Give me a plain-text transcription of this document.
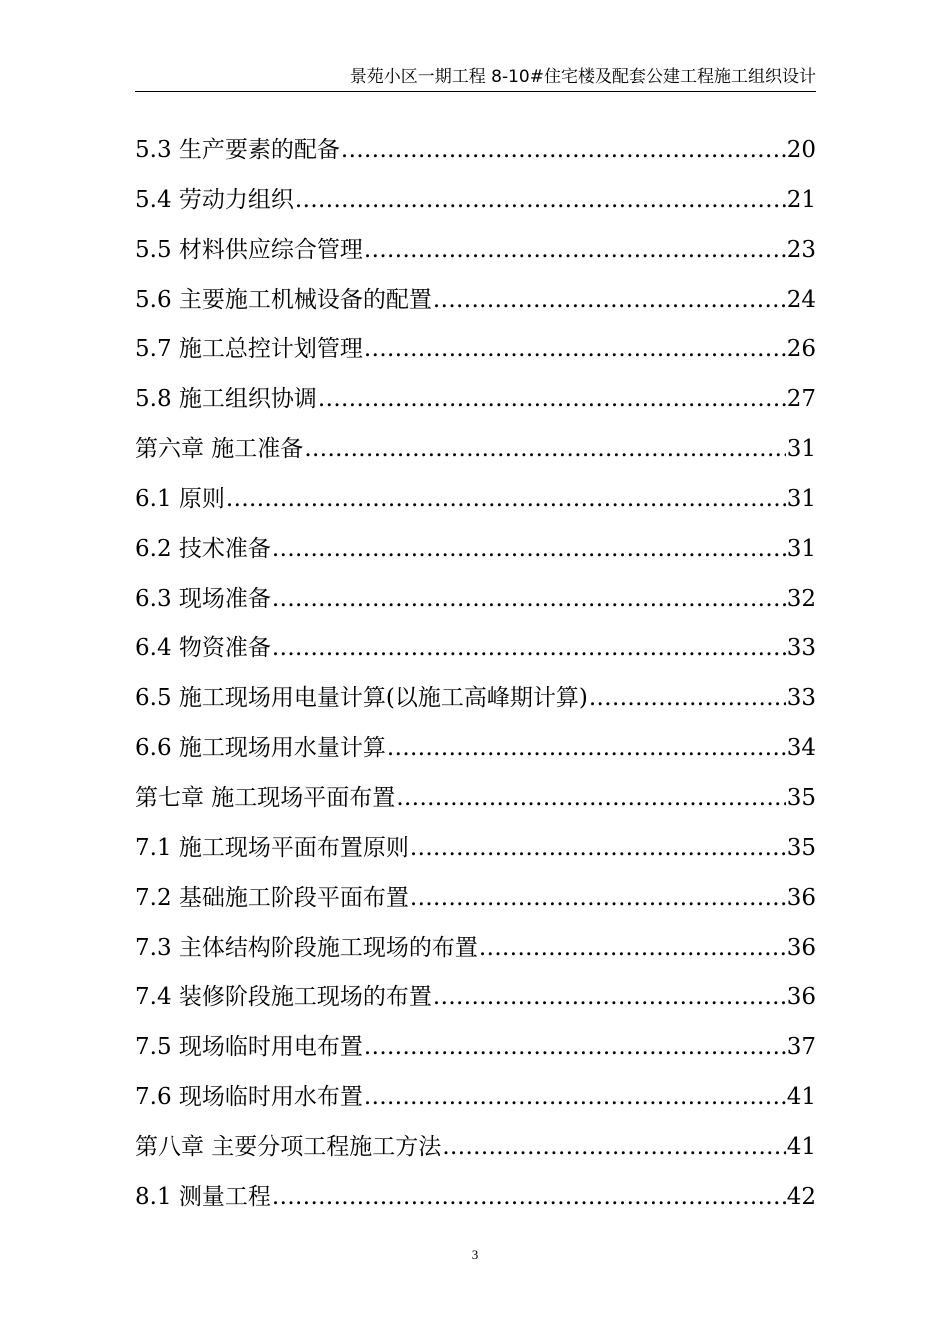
景苑小区一期工程 8-10#住宅楼及配套公建工程施工组织设计
5.3 生产要素的配备 .....	20
5.4 劳动力组织 .....	21
5.5 材料供应综合管理 .....	23
5.6 主要施工机械设备的配置 .....	24
5.7 施工总控计划管理 .....	26
5.8 施工组织协调 .....	27
第六章 施工准备 .....	31
6.1 原则 .....	31
6.2 技术准备 .....	31
6.3 现场准备 .....	32
6.4 物资准备 .....	33
6.5 施工现场用电量计算(以施工高峰期计算) .....	33
6.6 施工现场用水量计算 .....	34
第七章 施工现场平面布置 .....	35
7.1 施工现场平面布置原则 .....	35
7.2 基础施工阶段平面布置 .....	36
7.3 主体结构阶段施工现场的布置 .....	36
7.4 装修阶段施工现场的布置 .....	36
7.5 现场临时用电布置 .....	37
7.6 现场临时用水布置 .....	41
第八章 主要分项工程施工方法 .....	41
8.1 测量工程 .....	42
3
